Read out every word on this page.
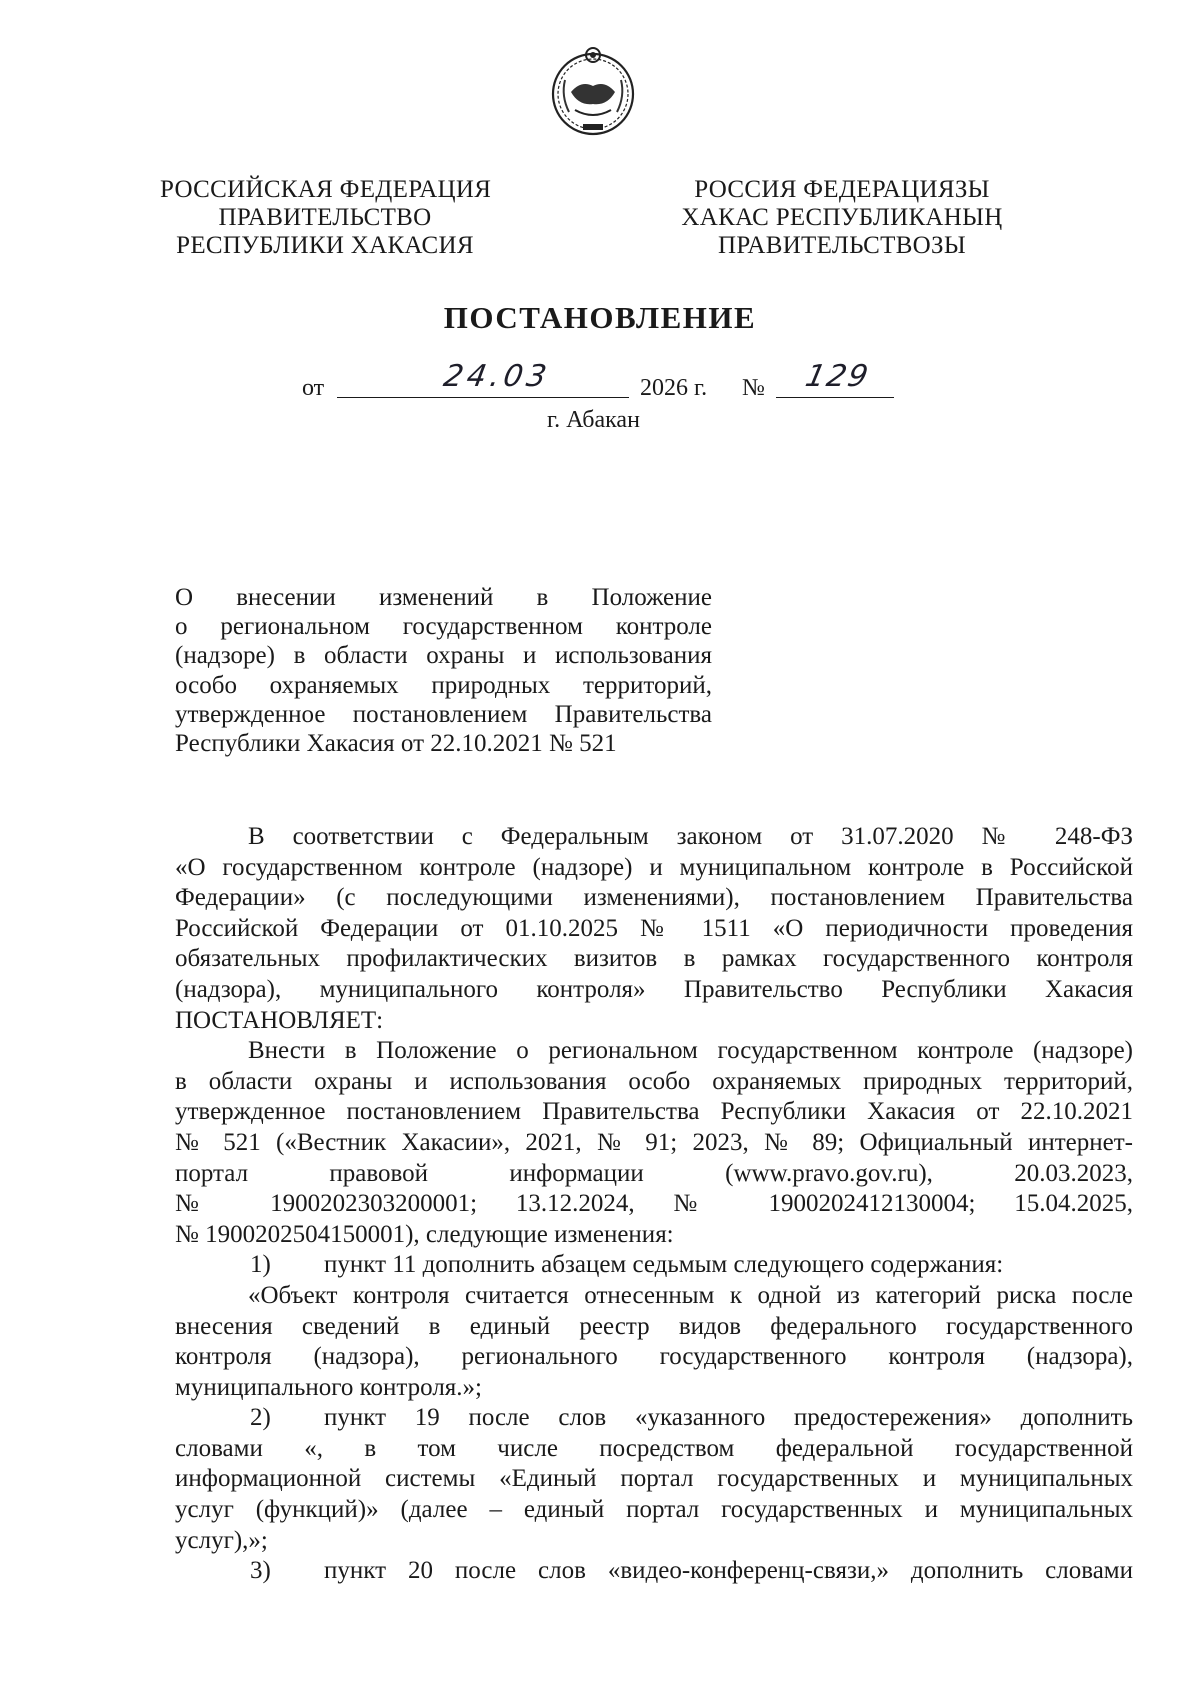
РОССИЙСКАЯ ФЕДЕРАЦИЯ
ПРАВИТЕЛЬСТВО
РЕСПУБЛИКИ ХАКАСИЯ
РОССИЯ ФЕДЕРАЦИЯЗЫ
ХАКАС РЕСПУБЛИКАНЫҢ
ПРАВИТЕЛЬСТВОЗЫ
ПОСТАНОВЛЕНИЕ
от	24.03	2026 г. № 129
г. Абакан
О внесении изменений в Положение
о региональном государственном контроле
(надзоре) в области охраны и использования
особо охраняемых природных территорий,
утвержденное постановлением Правительства
Республики Хакасия от 22.10.2021 № 521
В соответствии с Федеральным законом от 31.07.2020 № 248-ФЗ
«О государственном контроле (надзоре) и муниципальном контроле в Российской
Федерации» (с последующими изменениями), постановлением Правительства
Российской Федерации от 01.10.2025 № 1511 «О периодичности проведения
обязательных профилактических визитов в рамках государственного контроля
(надзора), муниципального контроля» Правительство Республики Хакасия
ПОСТАНОВЛЯЕТ:
Внести в Положение о региональном государственном контроле (надзоре)
в области охраны и использования особо охраняемых природных территорий,
утвержденное постановлением Правительства Республики Хакасия от 22.10.2021
№ 521 («Вестник Хакасии», 2021, № 91; 2023, № 89; Официальный интернет-
портал правовой информации (www.pravo.gov.ru), 20.03.2023,
№ 1900202303200001; 13.12.2024, № 1900202412130004; 15.04.2025,
№ 1900202504150001), следующие изменения:
1) пункт 11 дополнить абзацем седьмым следующего содержания:
«Объект контроля считается отнесенным к одной из категорий риска после
внесения сведений в единый реестр видов федерального государственного
контроля (надзора), регионального государственного контроля (надзора),
муниципального контроля.»;
2) пункт 19 после слов «указанного предостережения» дополнить
словами «, в том числе посредством федеральной государственной
информационной системы «Единый портал государственных и муниципальных
услуг (функций)» (далее – единый портал государственных и муниципальных
услуг),»;
3) пункт 20 после слов «видео-конференц-связи,» дополнить словами
